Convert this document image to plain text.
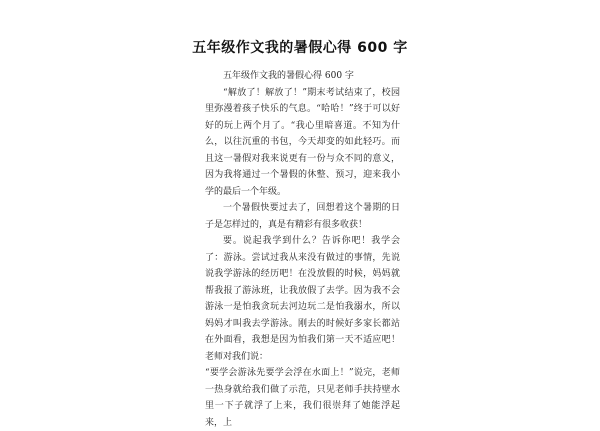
五年级作文我的暑假心得 600 字

五年级作文我的暑假心得 600 字

“解放了！解放了！”期末考试结束了，校园里弥漫着孩子快乐的气息。“哈哈！”终于可以好好的玩上两个月了。“我心里暗喜道。不知为什么，以往沉重的书包，今天却变的如此轻巧。而且这一暑假对我来说更有一份与众不同的意义，因为我将通过一个暑假的休整、预习，迎来我小学的最后一个年级。

一个暑假快要过去了，回想着这个暑期的日子是怎样过的，真是有精彩有很多收获！

要。说起我学到什么？告诉你吧！我学会了：游泳。尝试过我从来没有做过的事情，先说说我学游泳的经历吧！在没放假的时候，妈妈就帮我报了游泳班，让我放假了去学。因为我不会游泳一是怕我贪玩去河边玩二是怕我溺水，所以妈妈才叫我去学游泳。刚去的时候好多家长都站在外面看，我想是因为怕我们第一天不适应吧！老师对我们说：

“要学会游泳先要学会浮在水面上！”说完，老师一热身就给我们做了示范，只见老师手扶持壁水里一下子就浮了上来，我们很崇拜了她能浮起来，上
